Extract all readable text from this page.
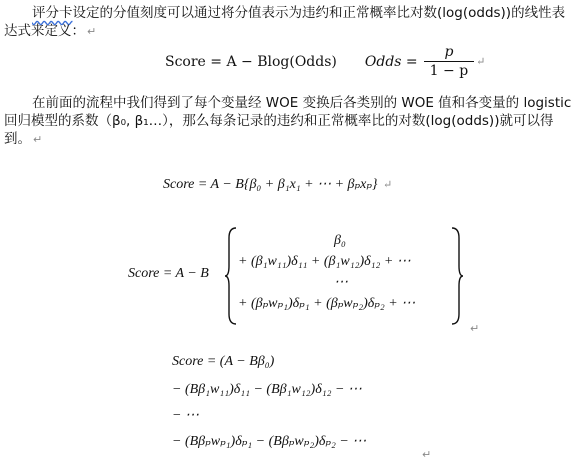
评分卡设定的分值刻度可以通过将分值表示为违约和正常概率比对数(log(odds))的线性表达式来定义： ↵

Score = A − Blog(Odds) Odds = $\frac{p}{1 - p}$ ↵

在前面的流程中我们得到了每个变量经 WOE 变换后各类别的 WOE 值和各变量的 logistic 回归模型的系数（β₀, β₁…），那么每条记录的违约和正常概率比的对数(log(odds))就可以得到。 ↵

Score = A − B{β₀ + β₁x₁ + ⋯ + βₚxₚ} ↵
Score = A − B
β₀
+ (β₁w₁₁)δ₁₁ + (β₁w₁₂)δ₁₂ + ⋯
⋯
+ (βₚwₚ₁)δₚ₁ + (βₚwₚ₂)δₚ₂ + ⋯
↵
Score = (A − Bβ₀)
− (Bβ₁w₁₁)δ₁₁ − (Bβ₁w₁₂)δ₁₂ − ⋯
− ⋯
− (Bβₚwₚ₁)δₚ₁ − (Bβₚwₚ₂)δₚ₂ − ⋯
↵
